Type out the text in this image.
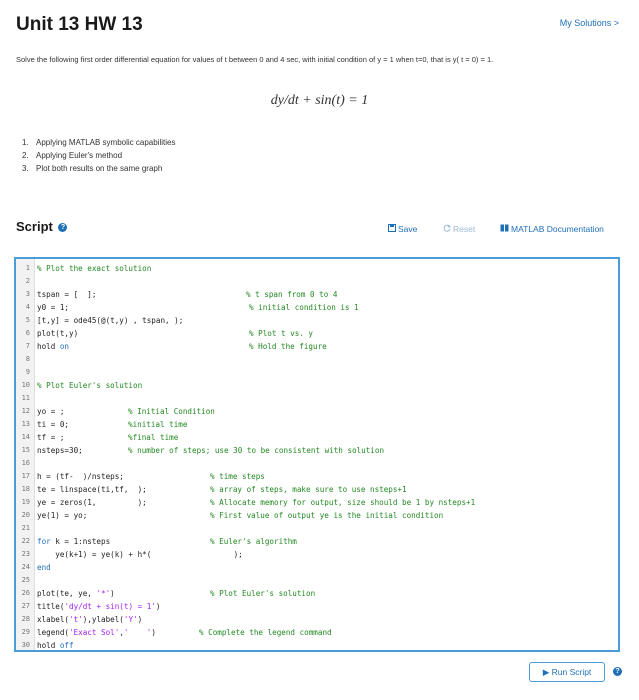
Unit 13 HW 13	My Solutions >
Solve the following first order differential equation for values of t between 0 and 4 sec, with initial condition of y = 1 when t=0, that is y( t = 0) = 1.
dy/dt + sin(t) = 1
1. Applying MATLAB symbolic capabilities
2. Applying Euler's method
3. Plot both results on the same graph
Script ?	Save	Reset	MATLAB Documentation
1 % Plot the exact solution
2
3 tspan = [  ];	% t span from 0 to 4
4 y0 = 1;	% initial condition is 1
5 [t,y] = ode45(@(t,y) , tspan, );
6 plot(t,y)	% Plot t vs. y
7 hold on	% Hold the figure
8
9
10 % Plot Euler's solution
11
12 yo = ;	% Initial Condition
13 ti = 0;	%initial time
14 tf = ;	%final time
15 nsteps=30;	% number of steps; use 30 to be consistent with solution
16
17 h = (tf-  )/nsteps;	% time steps
18 te = linspace(ti,tf,  );	% array of steps, make sure to use nsteps+1
19 ye = zeros(1,         );	% Allocate memory for output, size should be 1 by nsteps+1
20 ye(1) = yo;	% First value of output ye is the initial condition
21
22 for k = 1:nsteps	% Euler's algorithm
23 ye(k+1) = ye(k) + h*(                  );
24 end
25
26 plot(te, ye, '*')	% Plot Euler's solution
27 title('dy/dt + sin(t) = 1')
28 xlabel('t'),ylabel('Y')
29 legend('Exact Sol','    ')	% Complete the legend command
30 hold off
▶ Run Script	?
